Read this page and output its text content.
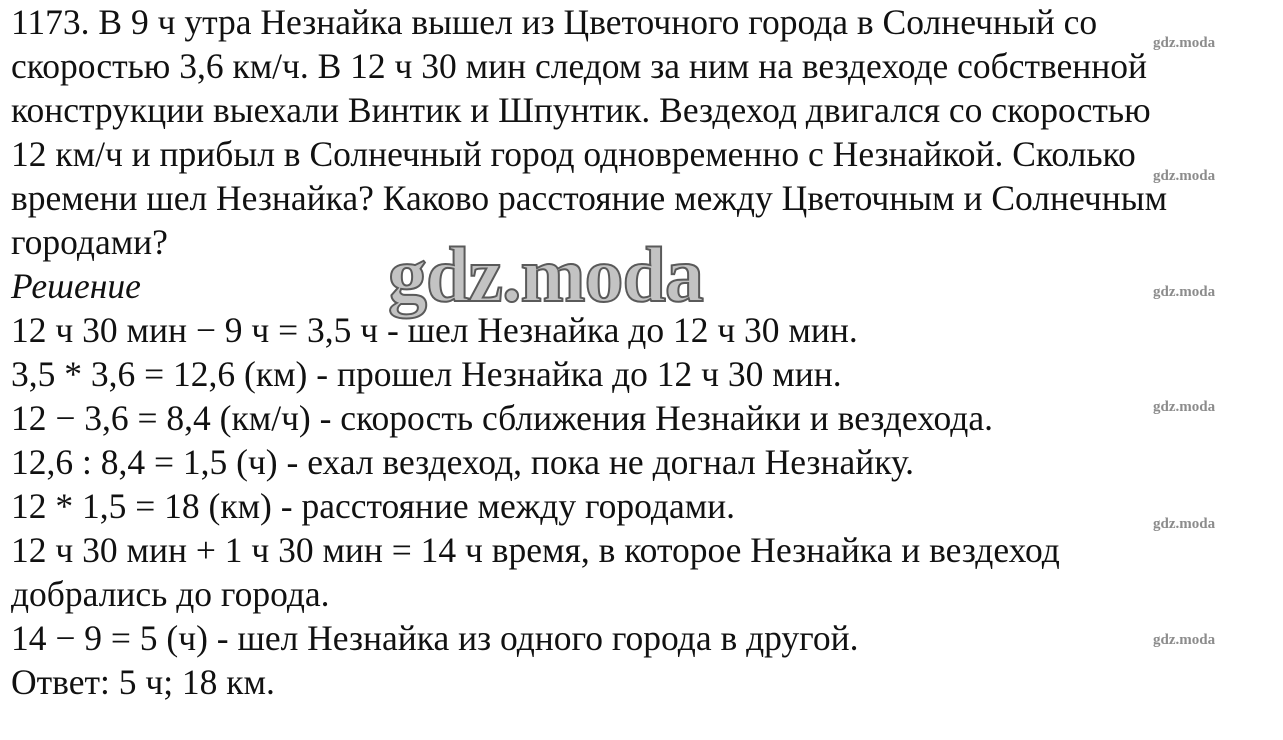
1173. В 9 ч утра Незнайка вышел из Цветочного города в Солнечный со
скоростью 3,6 км/ч. В 12 ч 30 мин следом за ним на вездеходе собственной
конструкции выехали Винтик и Шпунтик. Вездеход двигался со скоростью
12 км/ч и прибыл в Солнечный город одновременно с Незнайкой. Сколько
времени шел Незнайка? Каково расстояние между Цветочным и Солнечным
городами?
Решение
12 ч 30 мин − 9 ч = 3,5 ч - шел Незнайка до 12 ч 30 мин.
3,5 * 3,6 = 12,6 (км) - прошел Незнайка до 12 ч 30 мин.
12 − 3,6 = 8,4 (км/ч) - скорость сближения Незнайки и вездехода.
12,6 : 8,4 = 1,5 (ч) - ехал вездеход, пока не догнал Незнайку.
12 * 1,5 = 18 (км) - расстояние между городами.
12 ч 30 мин + 1 ч 30 мин = 14 ч время, в которое Незнайка и вездеход
добрались до города.
14 − 9 = 5 (ч) - шел Незнайка из одного города в другой.
Ответ: 5 ч; 18 км.
gdz.moda
gdz.moda
gdz.moda
gdz.moda
gdz.moda
gdz.moda
gdz.moda
